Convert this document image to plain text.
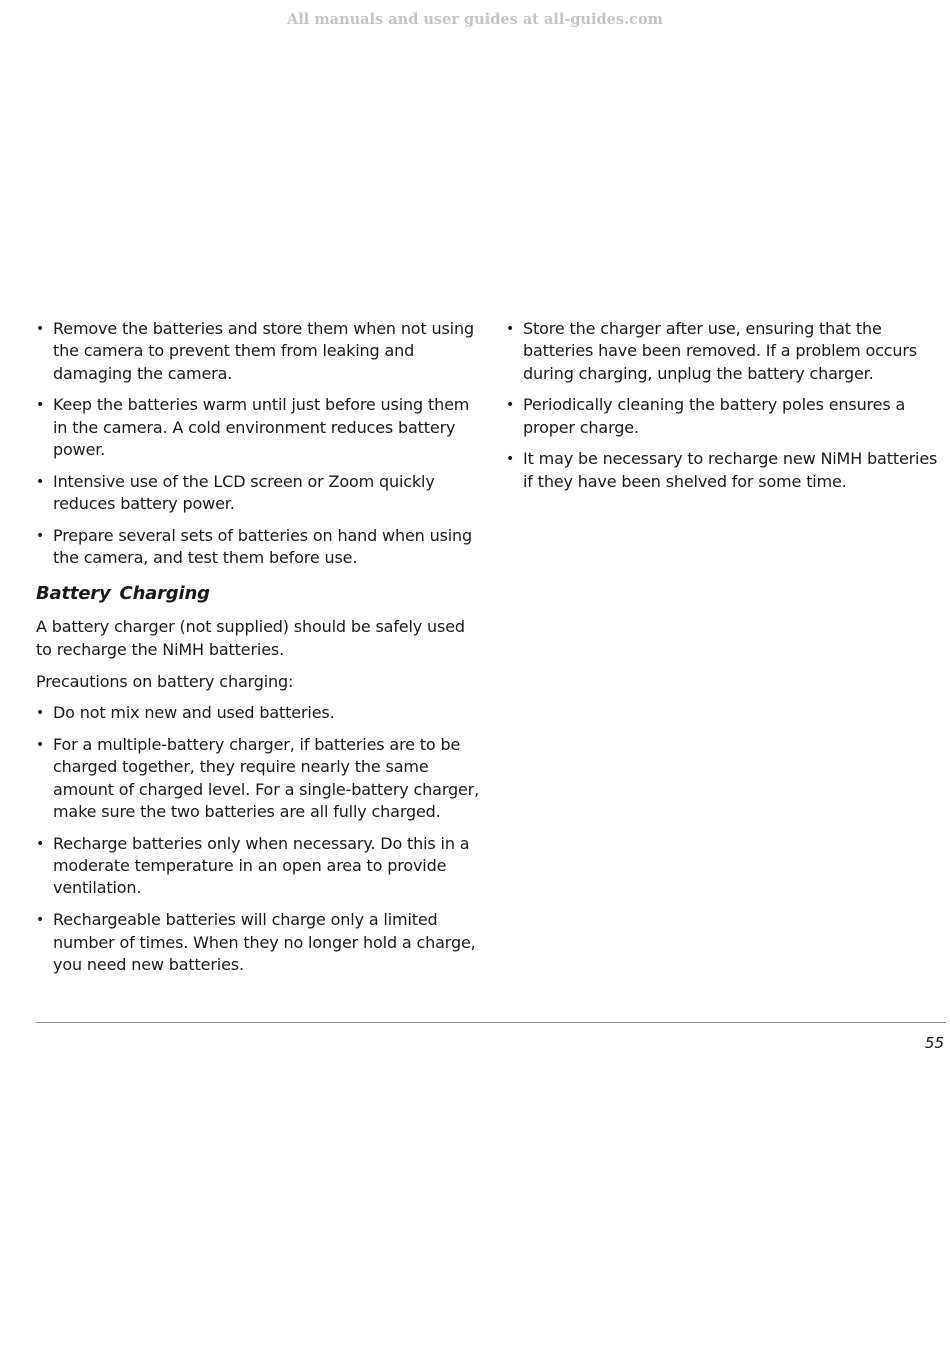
All manuals and user guides at all-guides.com
• Remove the batteries and store them when not using the camera to prevent them from leaking and damaging the camera.
• Keep the batteries warm until just before using them in the camera. A cold environment reduces battery power.
• Intensive use of the LCD screen or Zoom quickly reduces battery power.
• Prepare several sets of batteries on hand when using the camera, and test them before use.
Battery Charging

A battery charger (not supplied) should be safely used to recharge the NiMH batteries.

Precautions on battery charging:

• Do not mix new and used batteries.
• For a multiple-battery charger, if batteries are to be charged together, they require nearly the same amount of charged level. For a single-battery charger, make sure the two batteries are all fully charged.
• Recharge batteries only when necessary. Do this in a moderate temperature in an open area to provide ventilation.
• Rechargeable batteries will charge only a limited number of times. When they no longer hold a charge, you need new batteries.
• Store the charger after use, ensuring that the batteries have been removed. If a problem occurs during charging, unplug the battery charger.
• Periodically cleaning the battery poles ensures a proper charge.
• It may be necessary to recharge new NiMH batteries if they have been shelved for some time.
55
